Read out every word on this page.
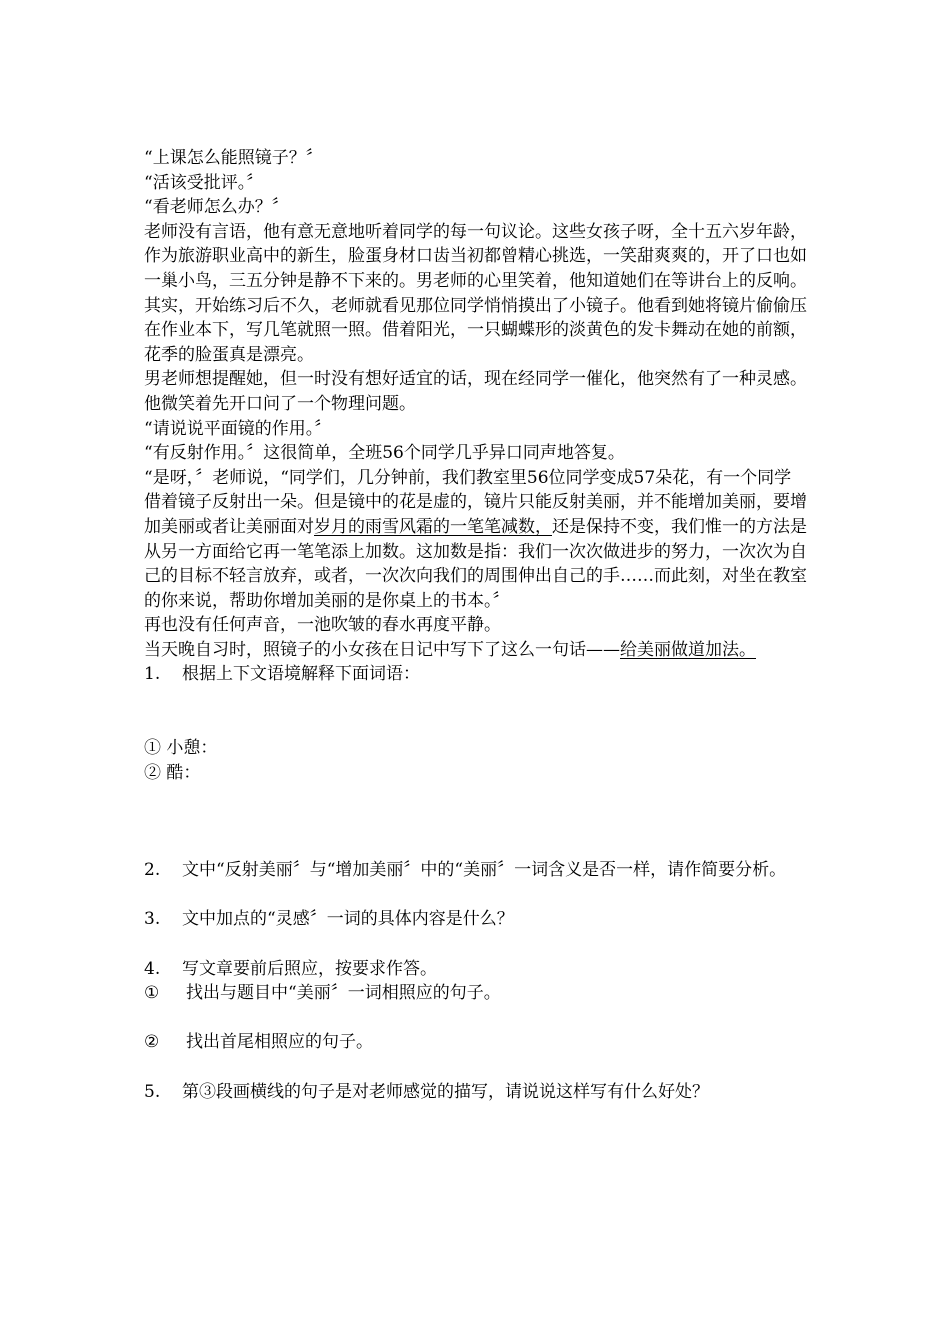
“上课怎么能照镜子？〞

“活该受批评。〞

“看老师怎么办？〞

老师没有言语，他有意无意地听着同学的每一句议论。这些女孩子呀，全十五六岁年龄，作为旅游职业高中的新生，脸蛋身材口齿当初都曾精心挑选，一笑甜爽爽的，开了口也如一巢小鸟，三五分钟是静不下来的。男老师的心里笑着，他知道她们在等讲台上的反响。

其实，开始练习后不久，老师就看见那位同学悄悄摸出了小镜子。他看到她将镜片偷偷压在作业本下，写几笔就照一照。借着阳光，一只蝴蝶形的淡黄色的发卡舞动在她的前额，花季的脸蛋真是漂亮。

男老师想提醒她，但一时没有想好适宜的话，现在经同学一催化，他突然有了一种灵感。

他微笑着先开口问了一个物理问题。

“请说说平面镜的作用。〞

“有反射作用。〞这很简单，全班56个同学几乎异口同声地答复。

“是呀，〞老师说，“同学们，几分钟前，我们教室里56位同学变成57朵花，有一个同学借着镜子反射出一朵。但是镜中的花是虚的，镜片只能反射美丽，并不能增加美丽，要增加美丽或者让美丽面对岁月的雨雪风霜的一笔笔减数，还是保持不变，我们惟一的方法是从另一方面给它再一笔笔添上加数。这加数是指：我们一次次做进步的努力，一次次为自己的目标不轻言放弃，或者，一次次向我们的周围伸出自己的手……而此刻，对坐在教室的你来说，帮助你增加美丽的是你桌上的书本。〞

再也没有任何声音，一池吹皱的春水再度平静。

当天晚自习时，照镜子的小女孩在日记中写下了这么一句话——给美丽做道加法。

1. 根据上下文语境解释下面词语：

① 小憩：

② 酷：

2. 文中“反射美丽〞与“增加美丽〞中的“美丽〞一词含义是否一样，请作简要分析。

3. 文中加点的“灵感〞一词的具体内容是什么？

4. 写文章要前后照应，按要求作答。

① 找出与题目中“美丽〞一词相照应的句子。

② 找出首尾相照应的句子。

5. 第③段画横线的句子是对老师感觉的描写，请说说这样写有什么好处？
